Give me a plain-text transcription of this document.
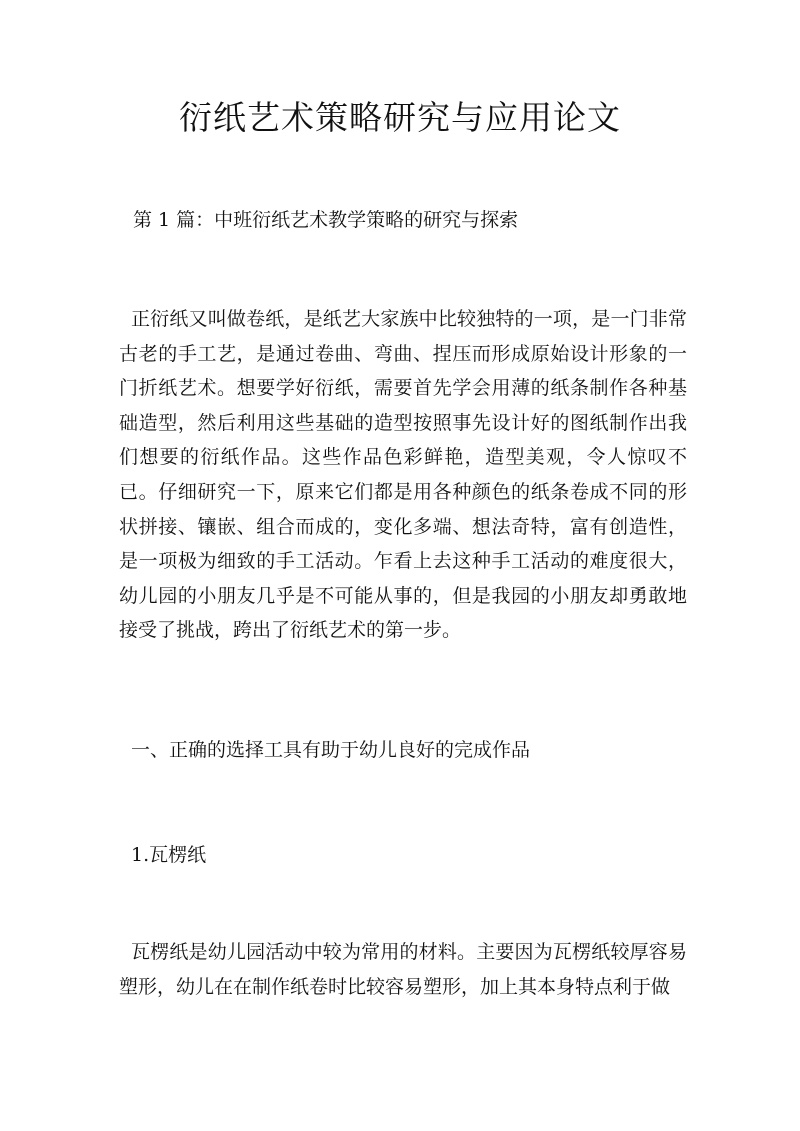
衍纸艺术策略研究与应用论文

第 1 篇：中班衍纸艺术教学策略的研究与探索

正衍纸又叫做卷纸，是纸艺大家族中比较独特的一项，是一门非常古老的手工艺，是通过卷曲、弯曲、捏压而形成原始设计形象的一门折纸艺术。想要学好衍纸，需要首先学会用薄的纸条制作各种基础造型，然后利用这些基础的造型按照事先设计好的图纸制作出我们想要的衍纸作品。这些作品色彩鲜艳，造型美观，令人惊叹不已。仔细研究一下，原来它们都是用各种颜色的纸条卷成不同的形状拼接、镶嵌、组合而成的，变化多端、想法奇特，富有创造性，是一项极为细致的手工活动。乍看上去这种手工活动的难度很大，幼儿园的小朋友几乎是不可能从事的，但是我园的小朋友却勇敢地接受了挑战，跨出了衍纸艺术的第一步。

一、正确的选择工具有助于幼儿良好的完成作品

1.瓦楞纸

瓦楞纸是幼儿园活动中较为常用的材料。主要因为瓦楞纸较厚容易塑形，幼儿在在制作纸卷时比较容易塑形，加上其本身特点利于做
